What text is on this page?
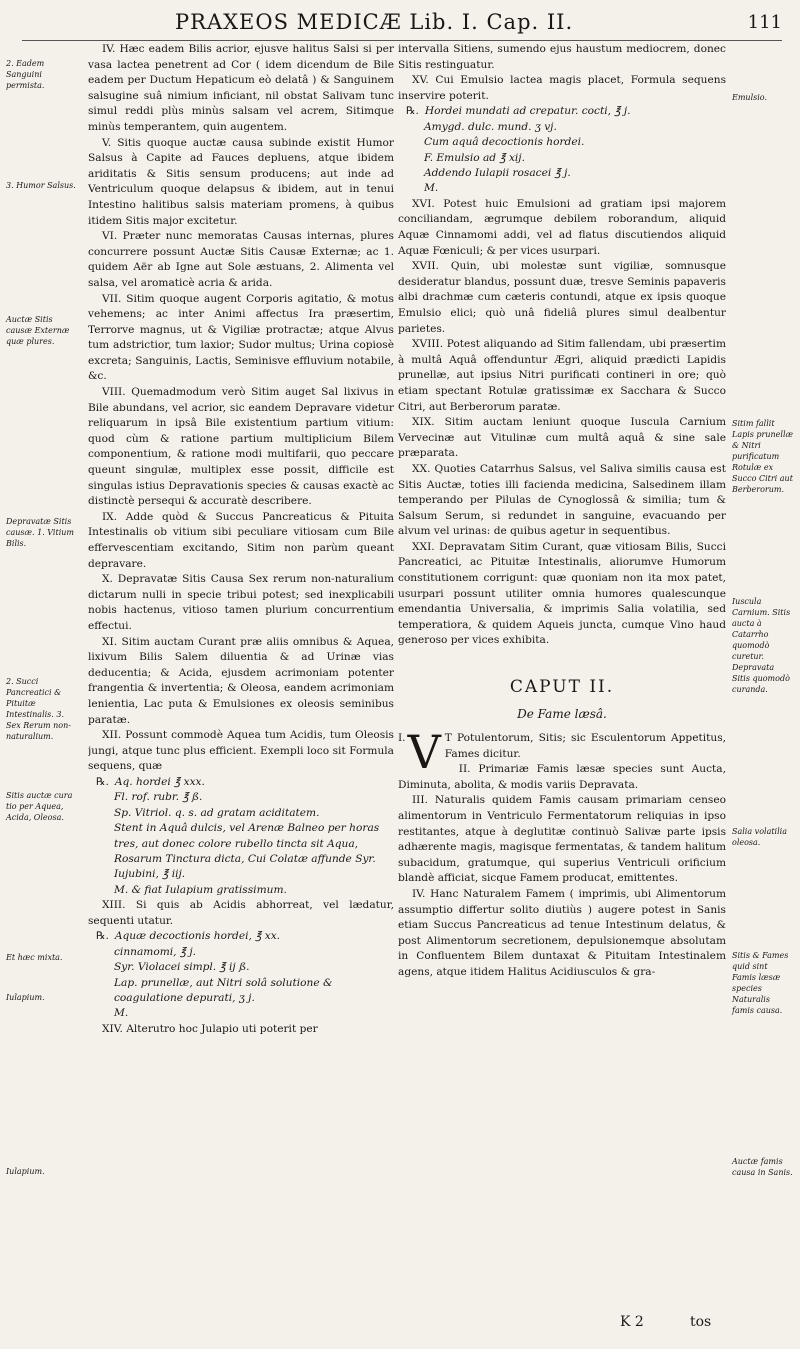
PRAXEOS MEDICÆ Lib. I. Cap. II.	111

IV. Hæc eadem Bilis acrior, ejusve halitus Salsi si per vasa lactea penetrent ad Cor ( idem dicendum de Bile eadem per Ductum Hepaticum eò delatâ ) & Sanguinem salsugine suâ nimium inficiant, nil obstat Salivam tunc simul reddi plùs minùs salsam vel acrem, Sitimque minùs temperantem, quin augentem.

V. Sitis quoque auctæ causa subinde existit Humor Salsus à Capite ad Fauces depluens, atque ibidem ariditatis & Sitis sensum producens; aut inde ad Ventriculum quoque delapsus & ibidem, aut in tenui Intestino halitibus salsis materiam promens, à quibus itidem Sitis major excitetur.

VI. Præter nunc memoratas Causas internas, plures concurrere possunt Auctæ Sitis Causæ Externæ; ac 1. quidem Aër ab Igne aut Sole æstuans, 2. Alimenta vel salsa, vel aromaticè acria & arida.

VII. Sitim quoque augent Corporis agitatio, & motus vehemens; ac inter Animi affectus Ira præsertim, Terrorve magnus, ut & Vigiliæ protractæ; atque Alvus tum adstrictior, tum laxior; Sudor multus; Urina copiosè excreta; Sanguinis, Lactis, Seminisve effluvium notabile, &c.

VIII. Quemadmodum verò Sitim auget Sal lixivus in Bile abundans, vel acrior, sic eandem Depravare videtur reliquarum in ipsâ Bile existentium partium vitium: quod cùm & ratione partium multiplicium Bilem componentium, & ratione modi multifarii, quo peccare queunt singulæ, multiplex esse possit, difficile est singulas istius Depravationis species & causas exactè ac distinctè persequi & accuratè describere.

IX. Adde quòd & Succus Pancreaticus & Pituita Intestinalis ob vitium sibi peculiare vitiosam cum Bile effervescentiam excitando, Sitim non parùm queant depravare.

X. Depravatæ Sitis Causa Sex rerum non-naturalium dictarum nulli in specie tribui potest; sed inexplicabili nobis hactenus, vitioso tamen plurium concurrentium effectui.

XI. Sitim auctam Curant præ aliis omnibus & Aquea, lixivum Bilis Salem diluentia & ad Urinæ vias deducentia; & Acida, ejusdem acrimoniam potenter frangentia & invertentia; & Oleosa, eandem acrimoniam lenientia, Lac puta & Emulsiones ex oleosis seminibus paratæ.

XII. Possunt commodè Aquea tum Acidis, tum Oleosis jungi, atque tunc plus efficient. Exempli loco sit Formula sequens, quæ

℞. Aq. hordei ℥ xxx.
Fl. rof. rubr. ℥ ß.
Sp. Vitriol. q. s. ad gratam aciditatem.
Stent in Aquâ dulcis, vel Arenæ Balneo per horas tres, aut donec colore rubello tincta sit Aqua, Rosarum Tinctura dicta, Cui Colatæ affunde Syr. Iujubini, ℥ iij.
M. & fiat Iulapium gratissimum.

XIII. Si quis ab Acidis abhorreat, vel lædatur, sequenti utatur.

℞. Aquæ decoctionis hordei, ℥ xx.
cinnamomi, ℥ j.
Syr. Violacei simpl. ℥ ij ß.
Lap. prunellæ, aut Nitri solâ solutione & coagulatione depurati, ʒ j.
M.

XIV. Alterutro hoc Julapio uti poterit per

intervalla Sitiens, sumendo ejus haustum mediocrem, donec Sitis restinguatur.

XV. Cui Emulsio lactea magis placet, Formula sequens inservire poterit.

℞. Hordei mundati ad crepatur. cocti, ℥ j.
Amygd. dulc. mund. ʒ vj.
Cum aquâ decoctionis hordei.
F. Emulsio ad ℥ xij.
Addendo Iulapii rosacei ℥ j.
M.

XVI. Potest huic Emulsioni ad gratiam ipsi majorem conciliandam, ægrumque debilem roborandum, aliquid Aquæ Cinnamomi addi, vel ad flatus discutiendos aliquid Aquæ Fœniculi; & per vices usurpari.

XVII. Quin, ubi molestæ sunt vigiliæ, somnusque desideratur blandus, possunt duæ, tresve Seminis papaveris albi drachmæ cum cæteris contundi, atque ex ipsis quoque Emulsio elici; quò unâ fideliâ plures simul dealbentur parietes.

XVIII. Potest aliquando ad Sitim fallendam, ubi præsertim à multâ Aquâ offenduntur Ægri, aliquid prædicti Lapidis prunellæ, aut ipsius Nitri purificati contineri in ore; quò etiam spectant Rotulæ gratissimæ ex Sacchara & Succo Citri, aut Berberorum paratæ.

XIX. Sitim auctam leniunt quoque Iuscula Carnium Vervecinæ aut Vitulinæ cum multâ aquâ & sine sale præparata.

XX. Quoties Catarrhus Salsus, vel Saliva similis causa est Sitis Auctæ, toties illi facienda medicina, Salsedinem illam temperando per Pilulas de Cynoglossâ & similia; tum & Salsum Serum, si redundet in sanguine, evacuando per alvum vel urinas: de quibus agetur in sequentibus.

XXI. Depravatam Sitim Curant, quæ vitiosam Bilis, Succi Pancreatici, ac Pituitæ Intestinalis, aliorumve Humorum constitutionem corrigunt: quæ quoniam non ita mox patet, usurpari possunt utiliter omnia humores qualescunque emendantia Universalia, & imprimis Salia volatilia, sed temperatiora, & quidem Aqueis juncta, cumque Vino haud generoso per vices exhibita.

CAPUT II.
De Fame læsâ.

I. V T Potulentorum, Sitis; sic Esculentorum Appetitus, Fames dicitur.

II. Primariæ Famis læsæ species sunt Aucta, Diminuta, abolita, & modis variis Depravata.

III. Naturalis quidem Famis causam primariam censeo alimentorum in Ventriculo Fermentatorum reliquias in ipso restitantes, atque à deglutitæ continuò Salivæ parte ipsis adhærente magis, magisque fermentatas, & tandem halitum subacidum, gratumque, qui superius Ventriculi orificium blandè afficiat, sicque Famem producat, emittentes.

IV. Hanc Naturalem Famem ( imprimis, ubi Alimentorum assumptio differtur solito diutiùs ) augere potest in Sanis etiam Succus Pancreaticus ad tenue Intestinum delatus, & post Alimentorum secretionem, depulsionemque absolutam in Confluentem Bilem duntaxat & Pituitam Intestinalem agens, atque itidem Halitus Acidiusculos & gra-

2. Eadem Sanguini permista.
3. Humor Salsus.
Auctæ Sitis causæ Externæ quæ plures.
Depravatæ Sitis causæ. 1. Vitium Bilis.
2. Succi Pancreatici & Pituitæ Intestinalis. 3. Sex Rerum non-naturalium.
Sitis auctæ cura tio per Aquea, Acida, Oleosa.
Et hæc mixta.
Iulapium.
Iulapium.
Emulsio.
Sitim fallit Lapis prunellæ & Nitri purificatum Rotulæ ex Succo Citri aut Berberorum.
Iuscula Carnium. Sitis aucta à Catarrho quomodò curetur. Depravata Sitis quomodò curanda.
Salia volatilia oleosa.
Sitis & Fames quid sint Famis læsæ species Naturalis famis causa.
Auctæ famis causa in Sanis.
K 2	tos
